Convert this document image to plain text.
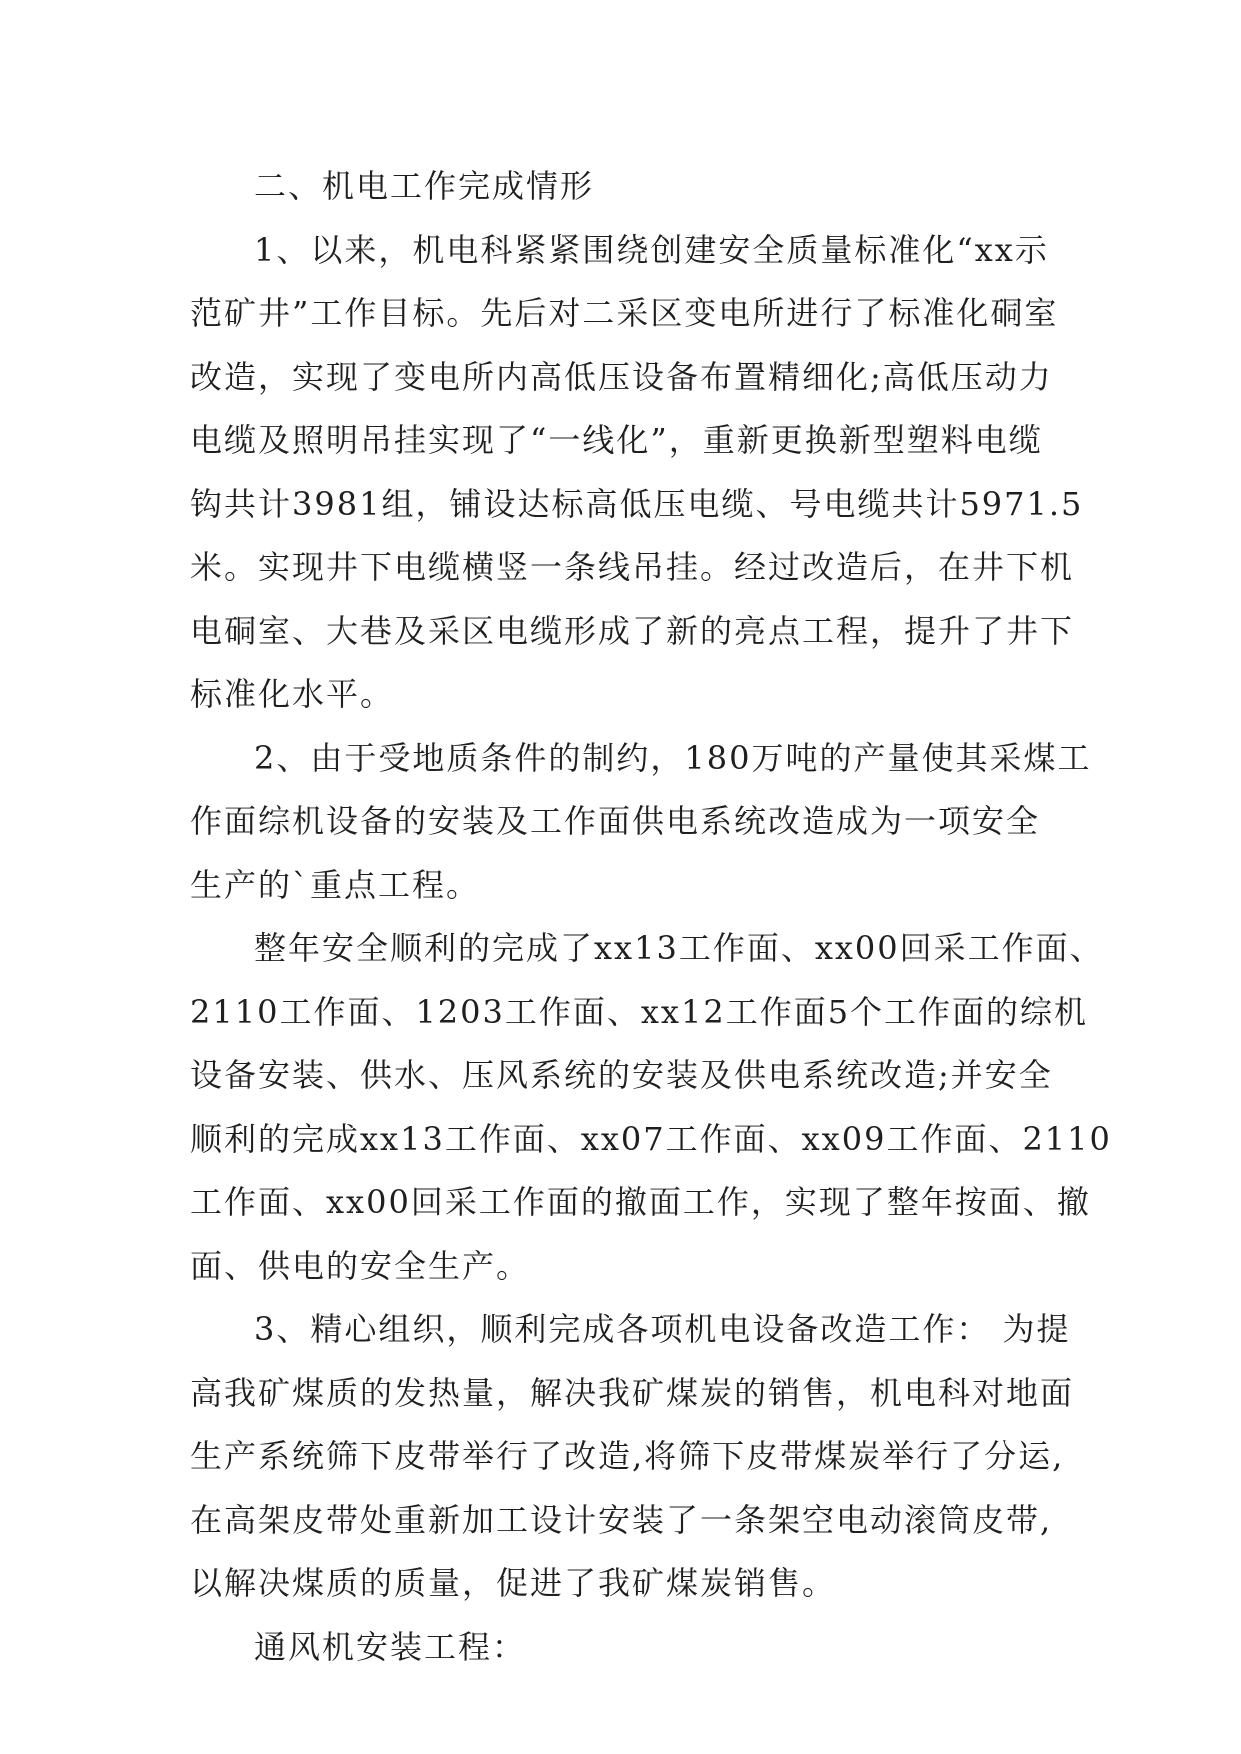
二、机电工作完成情形
1、以来，机电科紧紧围绕创建安全质量标准化“xx示
范矿井”工作目标。先后对二采区变电所进行了标准化硐室
改造，实现了变电所内高低压设备布置精细化;高低压动力
电缆及照明吊挂实现了“一线化”，重新更换新型塑料电缆
钩共计3981组，铺设达标高低压电缆、号电缆共计5971.5
米。实现井下电缆横竖一条线吊挂。经过改造后，在井下机
电硐室、大巷及采区电缆形成了新的亮点工程，提升了井下
标准化水平。
2、由于受地质条件的制约，180万吨的产量使其采煤工
作面综机设备的安装及工作面供电系统改造成为一项安全
生产的`重点工程。
整年安全顺利的完成了xx13工作面、xx00回采工作面、
2110工作面、1203工作面、xx12工作面5个工作面的综机
设备安装、供水、压风系统的安装及供电系统改造;并安全
顺利的完成xx13工作面、xx07工作面、xx09工作面、2110
工作面、xx00回采工作面的撤面工作，实现了整年按面、撤
面、供电的安全生产。
3、精心组织，顺利完成各项机电设备改造工作： 为提
高我矿煤质的发热量，解决我矿煤炭的销售，机电科对地面
生产系统筛下皮带举行了改造,将筛下皮带煤炭举行了分运,
在高架皮带处重新加工设计安装了一条架空电动滚筒皮带,
以解决煤质的质量，促进了我矿煤炭销售。
通风机安装工程：
